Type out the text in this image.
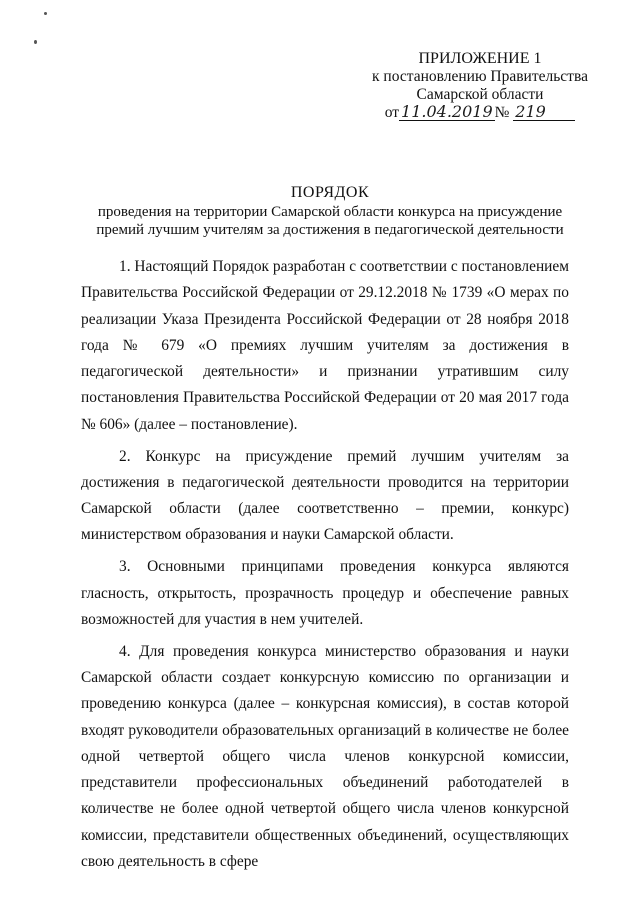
ПРИЛОЖЕНИЕ 1
к постановлению Правительства
Самарской области
от 11.04.2019 № 219
ПОРЯДОК
проведения на территории Самарской области конкурса на присуждение
премий лучшим учителям за достижения в педагогической деятельности

1. Настоящий Порядок разработан с соответствии с постановлением Правительства Российской Федерации от 29.12.2018 № 1739 «О мерах по реализации Указа Президента Российской Федерации от 28 ноября 2018 года № 679 «О премиях лучшим учителям за достижения в педагогической деятельности» и признании утратившим силу постановления Правительства Российской Федерации от 20 мая 2017 года № 606» (далее – постановление).

2. Конкурс на присуждение премий лучшим учителям за достижения в педагогической деятельности проводится на территории Самарской области (далее соответственно – премии, конкурс) министерством образования и науки Самарской области.

3. Основными принципами проведения конкурса являются гласность, открытость, прозрачность процедур и обеспечение равных возможностей для участия в нем учителей.

4. Для проведения конкурса министерство образования и науки Самарской области создает конкурсную комиссию по организации и проведению конкурса (далее – конкурсная комиссия), в состав которой входят руководители образовательных организаций в количестве не более одной четвертой общего числа членов конкурсной комиссии, представители профессиональных объединений работодателей в количестве не более одной четвертой общего числа членов конкурсной комиссии, представители общественных объединений, осуществляющих свою деятельность в сфере
